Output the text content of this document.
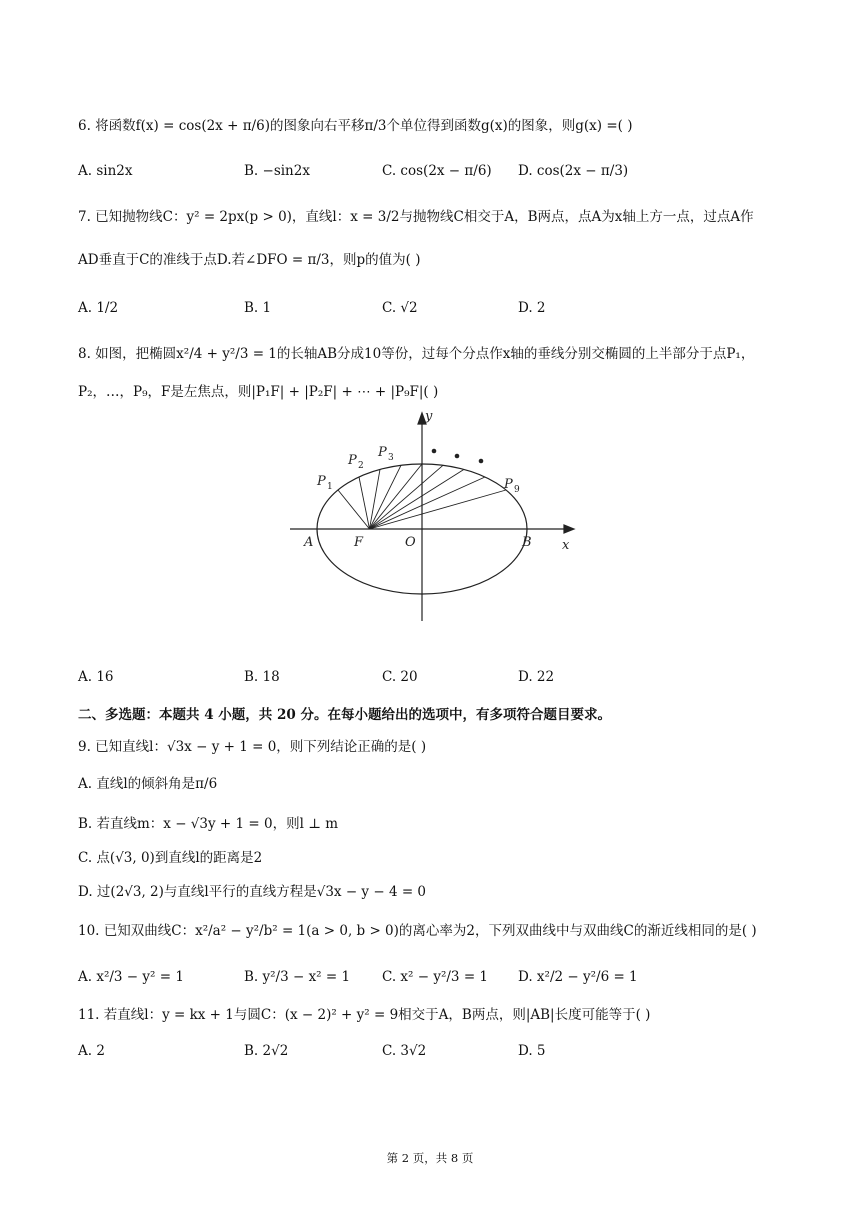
6. 将函数f(x) = cos(2x + π/6)的图象向右平移π/3个单位得到函数g(x)的图象，则g(x) =( )
A. sin2x	B. −sin2x	C. cos(2x − π/6) D. cos(2x − π/3)
7. 已知抛物线C：y² = 2px(p > 0)，直线l：x = 3/2与抛物线C相交于A，B两点，点A为x轴上方一点，过点A作
AD垂直于C的准线于点D.若∠DFO = π/3，则p的值为( )
A. 1/2	B. 1	C. √2	D. 2
8. 如图，把椭圆x²/4 + y²/3 = 1的长轴AB分成10等份，过每个分点作x轴的垂线分别交椭圆的上半部分于点P₁，
P₂，…，P₉，F是左焦点，则|P₁F| + |P₂F| + ⋯ + |P₉F|( )
y
x
A	F	O	B
P 1
P 2
P 3
P 9
A. 16	B. 18	C. 20	D. 22
二、多选题：本题共 4 小题，共 20 分。在每小题给出的选项中，有多项符合题目要求。
9. 已知直线l：√3x − y + 1 = 0，则下列结论正确的是( )
A. 直线l的倾斜角是π/6
B. 若直线m：x − √3y + 1 = 0，则l ⊥ m
C. 点(√3, 0)到直线l的距离是2
D. 过(2√3, 2)与直线l平行的直线方程是√3x − y − 4 = 0
10. 已知双曲线C：x²/a² − y²/b² = 1(a > 0, b > 0)的离心率为2，下列双曲线中与双曲线C的渐近线相同的是( )
A. x²/3 − y² = 1	B. y²/3 − x² = 1 C. x² − y²/3 = 1 D. x²/2 − y²/6 = 1
11. 若直线l：y = kx + 1与圆C：(x − 2)² + y² = 9相交于A，B两点，则|AB|长度可能等于( )
A. 2	B. 2√2	C. 3√2	D. 5
第 2 页，共 8 页
